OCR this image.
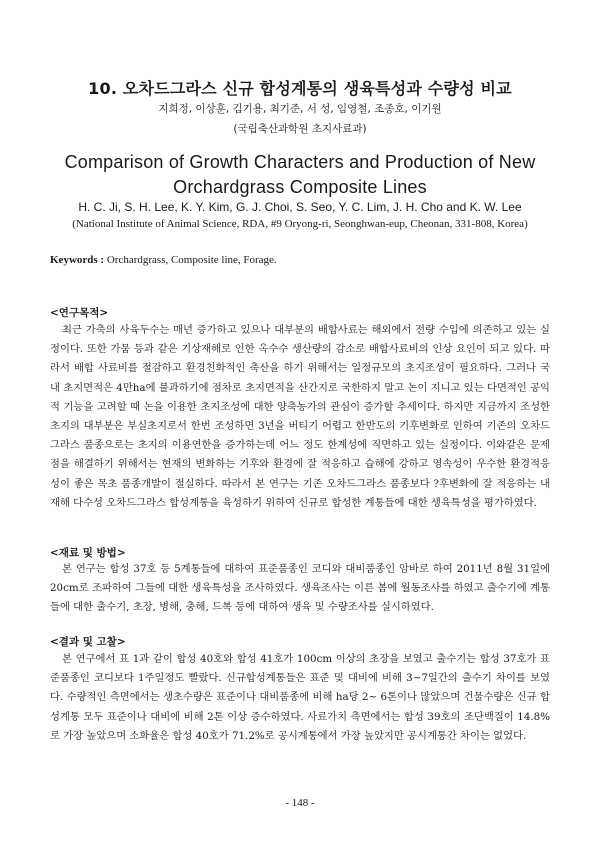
10. 오차드그라스 신규 합성계통의 생육특성과 수량성 비교
지희정, 이상훈, 김기용, 최기준, 서 성, 임영철, 조종호, 이기원
(국립축산과학원 초지사료과)
Comparison of Growth Characters and Production of New Orchardgrass Composite Lines
H. C. Ji, S. H. Lee, K. Y. Kim, G. J. Choi, S. Seo, Y. C. Lim, J. H. Cho and K. W. Lee
(National Institute of Animal Science, RDA, #9 Oryong-ri, Seonghwan-eup, Cheonan, 331-808, Korea)
Keywords : Orchardgrass, Composite line, Forage.
<연구목적>
최근 가축의 사육두수는 매년 증가하고 있으나 대부분의 배합사료는 해외에서 전량 수입에 의존하고 있는 실정이다. 또한 가뭄 등과 같은 기상재해로 인한 옥수수 생산량의 감소로 배합사료비의 인상 요인이 되고 있다. 따라서 배합 사료비를 절감하고 환경친화적인 축산을 하기 위해서는 일정규모의 초지조성이 필요하다. 그러나 국내 초지면적은 4만ha에 불과하기에 점차로 초지면적을 산간지로 국한하지 말고 논이 지니고 있는 다면적인 공익적 기능을 고려할 때 논을 이용한 초지조성에 대한 양축농가의 관심이 증가할 추세이다. 하지만 지금까지 조성한 초지의 대부분은 부실초지로서 한번 조성하면 3년을 버티기 어렵고 한반도의 기후변화로 인하여 기존의 오차드그라스 품종으로는 초지의 이용연한을 증가하는데 어느 정도 한계성에 직면하고 있는 실정이다. 이와같은 문제점을 해결하기 위해서는 현재의 변화하는 기후와 환경에 잘 적응하고 습해에 강하고 영속성이 우수한 환경적응성이 좋은 목초 품종개발이 절실하다. 따라서 본 연구는 기존 오차드그라스 품종보다 ?후변화에 잘 적응하는 내재해 다수성 오차드그라스 합성계통을 육성하기 위하여 신규로 합성한 계통들에 대한 생육특성을 평가하였다.
<재료 및 방법>
본 연구는 합성 37호 등 5계통들에 대하여 표준품종인 코디와 대비품종인 암바로 하여 2011년 8월 31일에 20cm로 조파하여 그들에 대한 생육특성을 조사하였다. 생육조사는 이른 봄에 월동조사를 하였고 출수기에 계통들에 대한 출수기, 초장, 병해, 충해, 드복 등에 대하여 생육 및 수량조사를 실시하였다.
<결과 및 고찰>
본 연구에서 표 1과 같이 합성 40호와 합성 41호가 100cm 이상의 초장을 보였고 출수기는 합성 37호가 표준품종인 코디보다 1주일정도 빨랐다. 신규합성계통들은 표준 및 대비에 비해 3~7일간의 출수기 차이를 보였다. 수량적인 측면에서는 생초수량은 표준이나 대비품종에 비해 ha당 2~ 6톤이나 많았으며 건물수량은 신규 합성계통 모두 표준이나 대비에 비해 2톤 이상 증수하였다. 사료가치 측면에서는 합성 39호의 조단백질이 14.8%로 가장 높았으며 소화율은 합성 40호가 71.2%로 공시계통에서 가장 높았지만 공시계통간 차이는 없었다.
- 148 -
